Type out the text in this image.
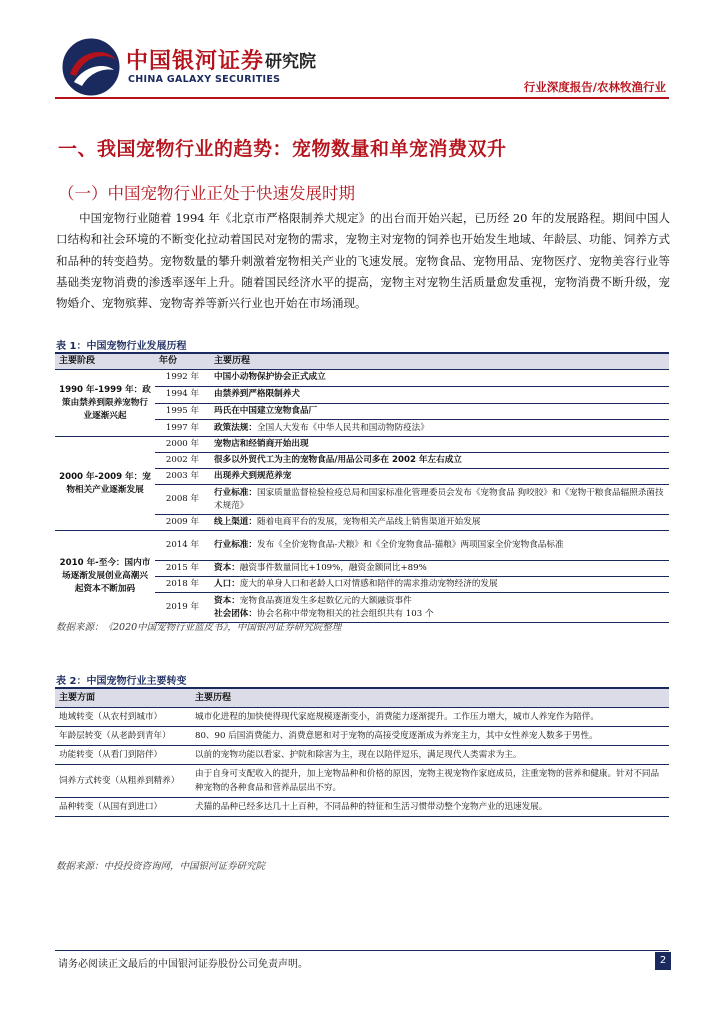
中国银河证券
CHINA GALAXY SECURITIES
研究院
行业深度报告/农林牧渔行业
一、我国宠物行业的趋势：宠物数量和单宠消费双升
（一）中国宠物行业正处于快速发展时期
  中国宠物行业随着 1994 年《北京市严格限制养犬规定》的出台而开始兴起，已历经 20 年的发展路程。期间中国人口结构和社会环境的不断变化拉动着国民对宠物的需求，宠物主对宠物的饲养也开始发生地域、年龄层、功能、饲养方式和品种的转变趋势。宠物数量的攀升刺激着宠物相关产业的飞速发展。宠物食品、宠物用品、宠物医疗、宠物美容行业等基础类宠物消费的渗透率逐年上升。随着国民经济水平的提高，宠物主对宠物生活质量愈发重视，宠物消费不断升级，宠物婚介、宠物殡葬、宠物寄养等新兴行业也开始在市场涌现。
表 1：中国宠物行业发展历程
主要阶段	年份	主要历程
1990 年-1999 年：政策由禁养到限养宠物行业逐渐兴起	1992 年	中国小动物保护协会正式成立
	1994 年	由禁养到严格限制养犬
	1995 年	玛氏在中国建立宠物食品厂
	1997 年	政策法规：全国人大发布《中华人民共和国动物防疫法》
2000 年-2009 年：宠物相关产业逐渐发展	2000 年	宠物店和经销商开始出现
	2002 年	很多以外贸代工为主的宠物食品/用品公司多在 2002 年左右成立
	2003 年	出现养犬到规范养宠
	2008 年	行业标准：国家质量监督检验检疫总局和国家标准化管理委员会发布《宠物食品 狗咬胶》和《宠物干粮食品辐照杀菌技术规范》
	2009 年	线上渠道：随着电商平台的发展，宠物相关产品线上销售渠道开始发展
2010 年-至今：国内市场逐渐发展创业高潮兴起资本不断加码	2014 年	行业标准：发布《全价宠物食品-犬粮》和《全价宠物食品-猫粮》两项国家全价宠物食品标准
	2015 年	资本：融资事件数量同比+109%，融资金额同比+89%
	2018 年	人口：庞大的单身人口和老龄人口对情感和陪伴的需求推动宠物经济的发展
	2019 年	资本：宠物食品赛道发生多起数亿元的大额融资事件
社会团体：协会名称中带宠物相关的社会组织共有 103 个
数据来源：《2020中国宠物行业蓝皮书》，中国银河证券研究院整理
表 2：中国宠物行业主要转变
主要方面	主要历程
地域转变（从农村到城市）	城市化进程的加快使得现代家庭规模逐渐变小，消费能力逐渐提升。工作压力增大，城市人养宠作为陪伴。
年龄层转变（从老龄到青年）	80、90 后国消费能力、消费意愿和对于宠物的高接受度逐渐成为养宠主力，其中女性养宠人数多于男性。
功能转变（从看门到陪伴）	以前的宠物功能以看家、护院和除害为主，现在以陪伴逗乐，满足现代人类需求为主。
饲养方式转变（从粗养到精养）	由于自身可支配收入的提升，加上宠物品种和价格的原因，宠物主视宠物作家庭成员，注重宠物的营养和健康。针对不同品种宠物的各种食品和营养品层出不穷。
品种转变（从国有到进口）	犬猫的品种已经多达几十上百种，不同品种的特征和生活习惯带动整个宠物产业的迅速发展。
数据来源：中投投资咨询网，中国银河证券研究院
请务必阅读正文最后的中国银河证券股份公司免责声明。	2
